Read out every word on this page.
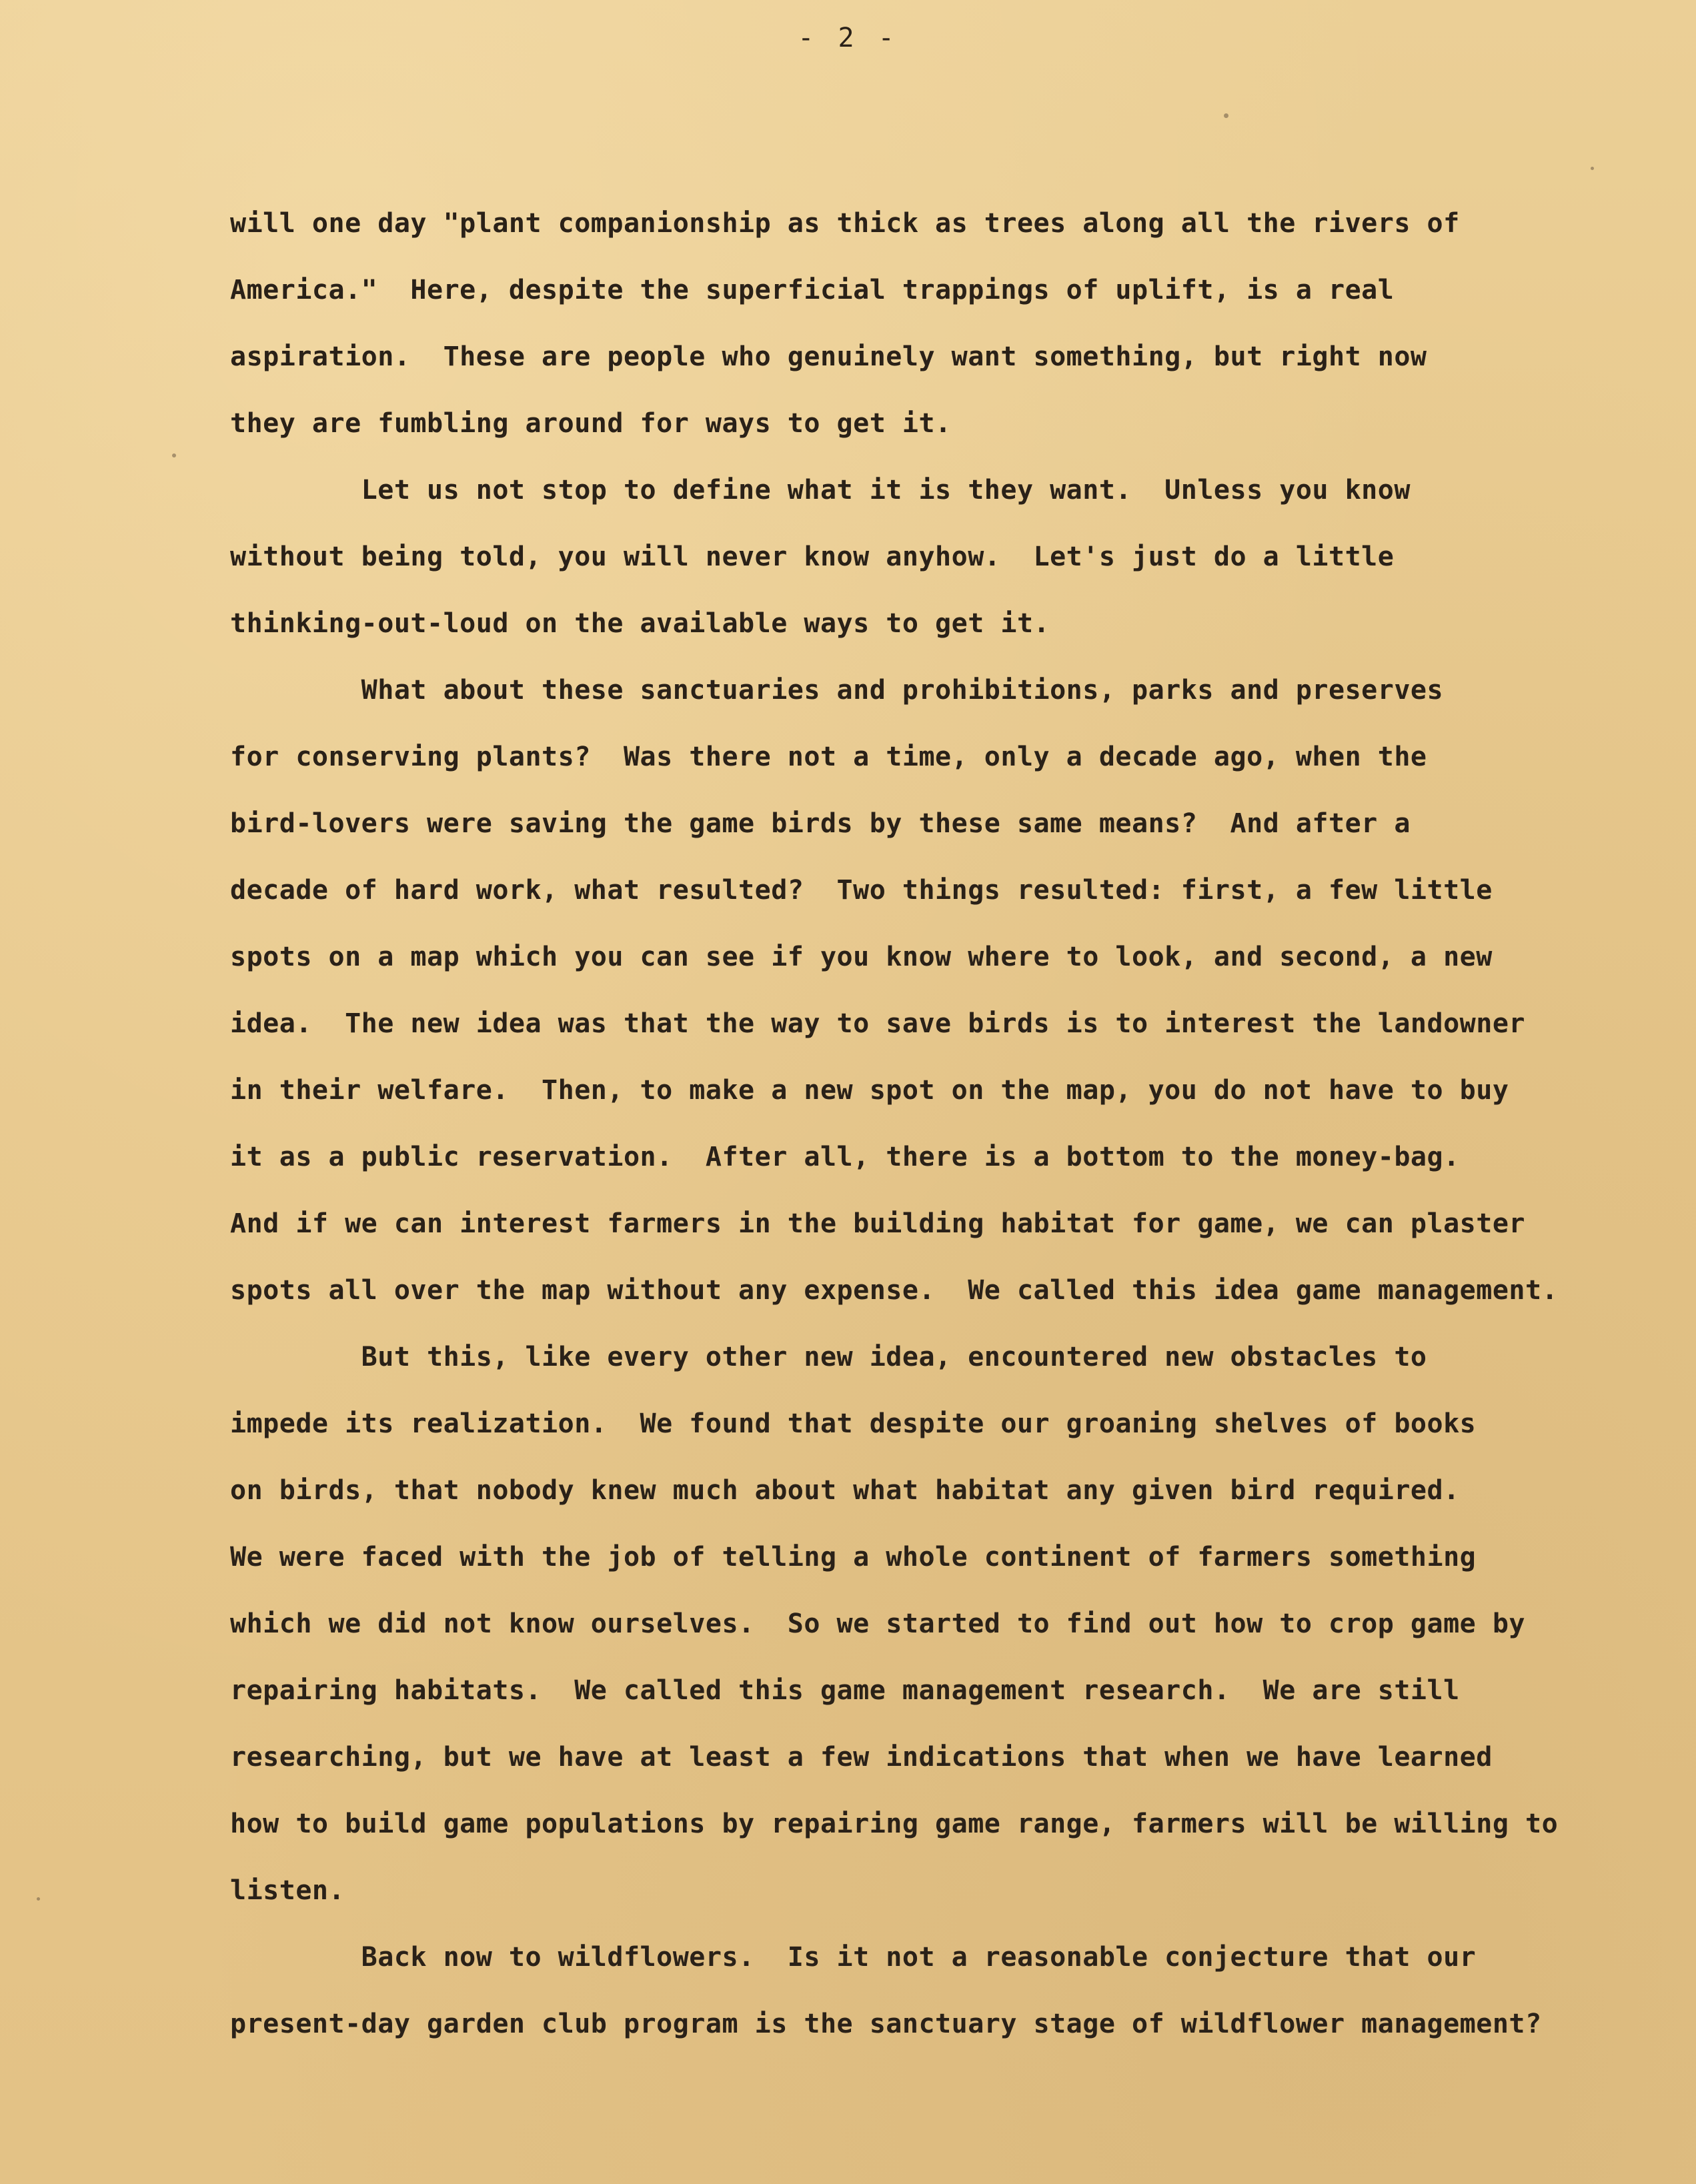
- 2 -
will one day "plant companionship as thick as trees along all the rivers of
America."  Here, despite the superficial trappings of uplift, is a real
aspiration.  These are people who genuinely want something, but right now
they are fumbling around for ways to get it.
Let us not stop to define what it is they want.  Unless you know
without being told, you will never know anyhow.  Let's just do a little
thinking-out-loud on the available ways to get it.
What about these sanctuaries and prohibitions, parks and preserves
for conserving plants?  Was there not a time, only a decade ago, when the
bird-lovers were saving the game birds by these same means?  And after a
decade of hard work, what resulted?  Two things resulted: first, a few little
spots on a map which you can see if you know where to look, and second, a new
idea.  The new idea was that the way to save birds is to interest the landowner
in their welfare.  Then, to make a new spot on the map, you do not have to buy
it as a public reservation.  After all, there is a bottom to the money-bag.
And if we can interest farmers in the building habitat for game, we can plaster
spots all over the map without any expense.  We called this idea game management.
But this, like every other new idea, encountered new obstacles to
impede its realization.  We found that despite our groaning shelves of books
on birds, that nobody knew much about what habitat any given bird required.
We were faced with the job of telling a whole continent of farmers something
which we did not know ourselves.  So we started to find out how to crop game by
repairing habitats.  We called this game management research.  We are still
researching, but we have at least a few indications that when we have learned
how to build game populations by repairing game range, farmers will be willing to
listen.
Back now to wildflowers.  Is it not a reasonable conjecture that our
present-day garden club program is the sanctuary stage of wildflower management?
